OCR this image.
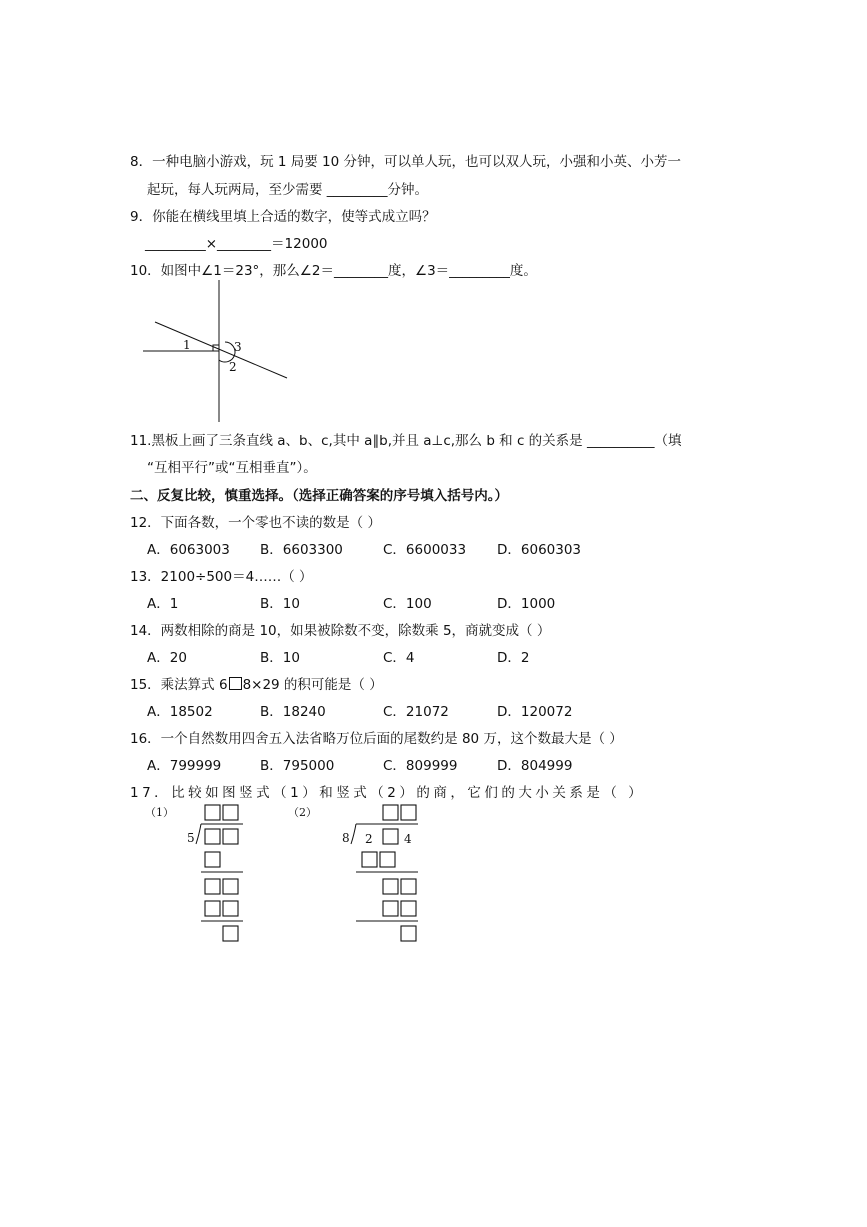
8．一种电脑小游戏，玩 1 局要 10 分钟，可以单人玩，也可以双人玩，小强和小英、小芳一
起玩，每人玩两局，至少需要 _________分钟。
9．你能在横线里填上合适的数字，使等式成立吗？
_________×________＝12000
10．如图中∠1＝23°，那么∠2＝________度，∠3＝_________度。
1
2
3
11.黑板上画了三条直线 a、b、c,其中 a∥b,并且 a⊥c,那么 b 和 c 的关系是 __________（填
“互相平行”或“互相垂直”）。
二、反复比较，慎重选择。（选择正确答案的序号填入括号内。）
12．下面各数，一个零也不读的数是（ ）
A．6063003 B．6603300	C．6600033 D．6060303
13．2100÷500＝4……（ ）
A．1	B．10	C．100	D．1000
14．两数相除的商是 10，如果被除数不变，除数乘 5，商就变成（ ）
A．20	B．10	C．4	D．2
15．乘法算式 6 8×29 的积可能是（ ）
A．18502	B．18240	C．21072	D．120072
16．一个自然数用四舍五入法省略万位后面的尾数约是 80 万，这个数最大是（ ）
A．799999	B．795000	C．809999	D．804999
17．比较如图竖式（1）和竖式（2）的商，它们的大小关系是（ ）
（1）
5
（2）
8 2	4
